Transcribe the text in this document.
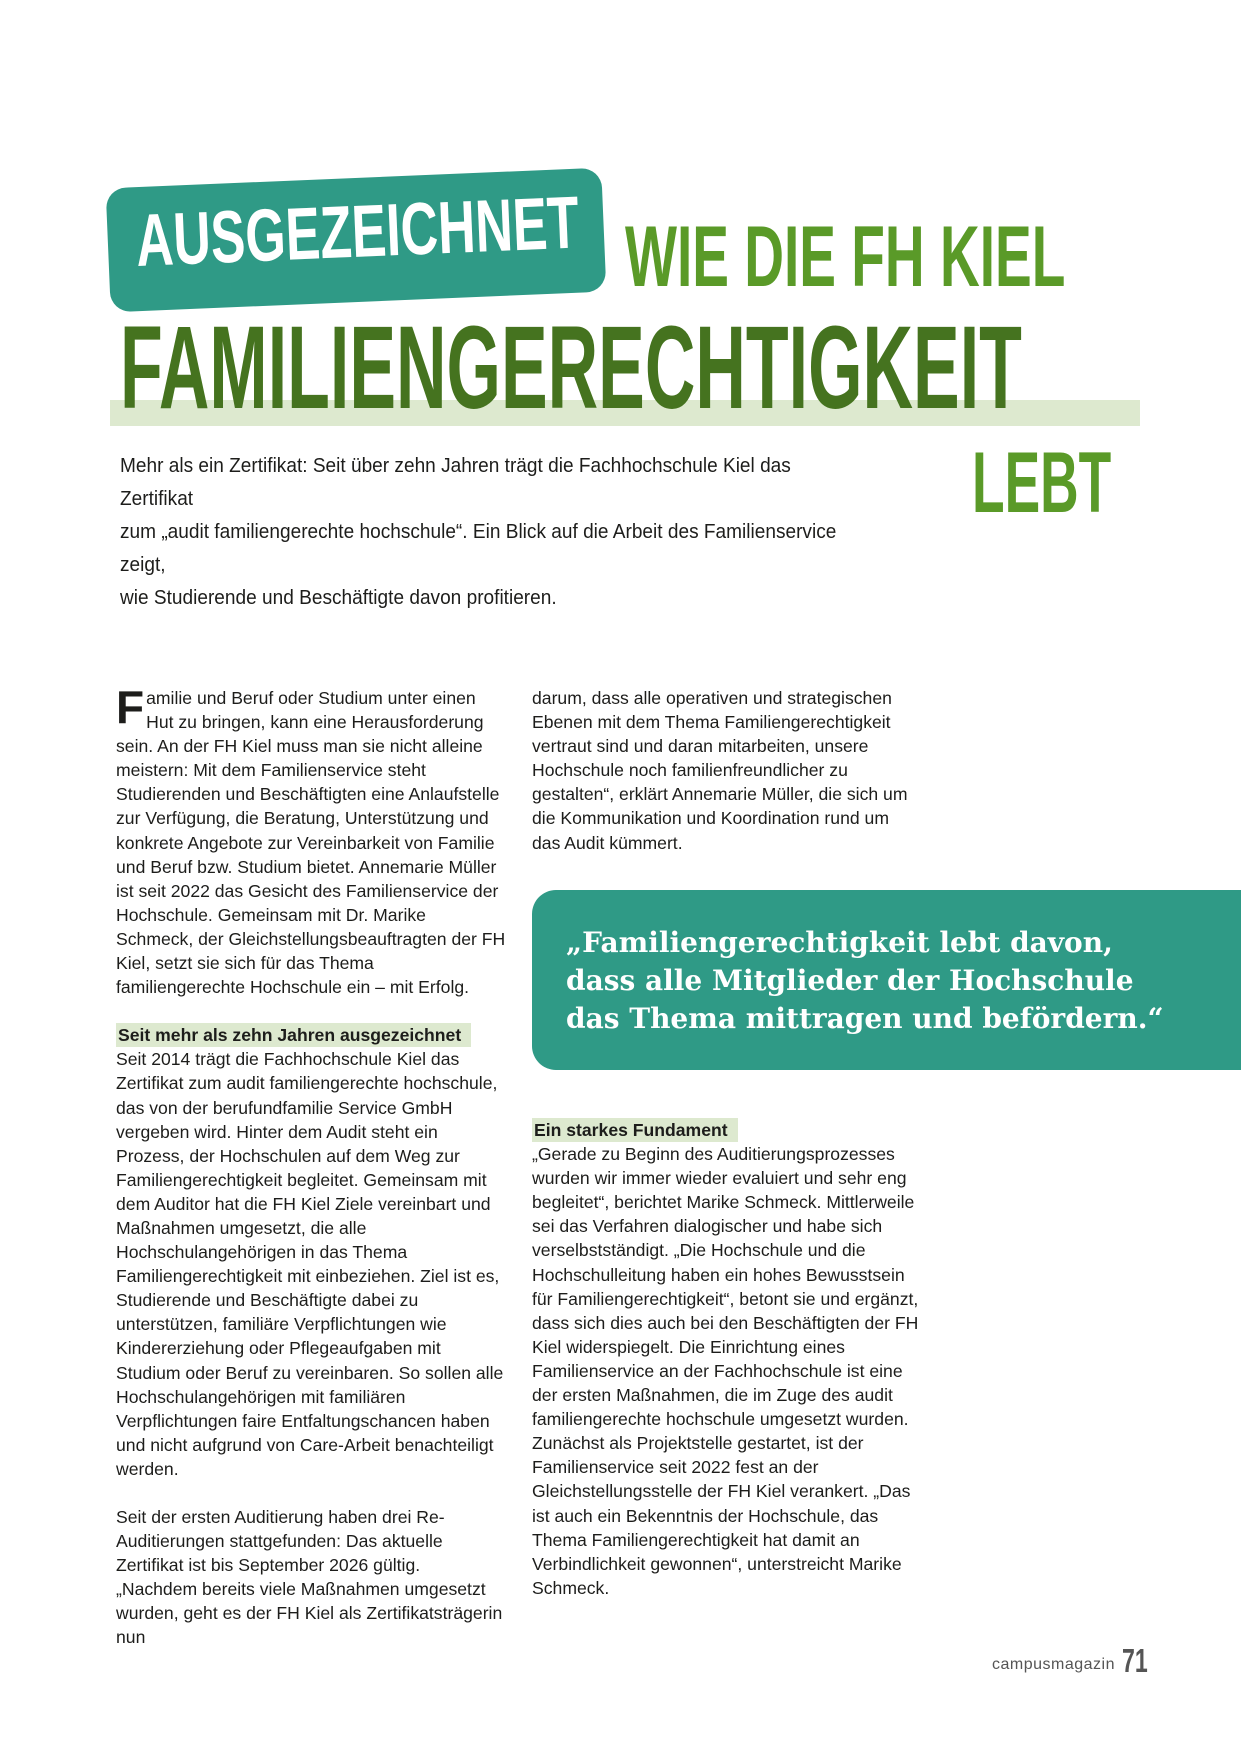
AUSGEZEICHNET WIE DIE FH KIEL
FAMILIENGERECHTIGKEIT
LEBT
Mehr als ein Zertifikat: Seit über zehn Jahren trägt die Fachhochschule Kiel das Zertifikat
zum „audit familiengerechte hochschule“. Ein Blick auf die Arbeit des Familienservice zeigt,
wie Studierende und Beschäftigte davon profitieren.

Familie und Beruf oder Studium unter einen Hut zu bringen, kann eine Herausforderung sein. An der FH Kiel muss man sie nicht alleine meistern: Mit dem Familienservice steht Studierenden und Beschäftigten eine Anlaufstelle zur Verfügung, die Beratung, Unterstützung und konkrete Angebote zur Vereinbarkeit von Familie und Beruf bzw. Studium bietet. Annemarie Müller ist seit 2022 das Gesicht des Familienservice der Hochschule. Gemeinsam mit Dr. Marike Schmeck, der Gleichstellungsbeauftragten der FH Kiel, setzt sie sich für das Thema familiengerechte Hochschule ein – mit Erfolg.

Seit mehr als zehn Jahren ausgezeichnet

Seit 2014 trägt die Fachhochschule Kiel das Zertifikat zum audit familiengerechte hochschule, das von der berufundfamilie Service GmbH vergeben wird. Hinter dem Audit steht ein Prozess, der Hochschulen auf dem Weg zur Familiengerechtigkeit begleitet. Gemeinsam mit dem Auditor hat die FH Kiel Ziele vereinbart und Maßnahmen umgesetzt, die alle Hochschulangehörigen in das Thema Familiengerechtigkeit mit einbeziehen. Ziel ist es, Studierende und Beschäftigte dabei zu unterstützen, familiäre Verpflichtungen wie Kindererziehung oder Pflegeaufgaben mit Studium oder Beruf zu vereinbaren. So sollen alle Hochschulangehörigen mit familiären Verpflichtungen faire Entfaltungschancen haben und nicht aufgrund von Care-Arbeit benachteiligt werden.

Seit der ersten Auditierung haben drei Re-Auditierungen stattgefunden: Das aktuelle Zertifikat ist bis September 2026 gültig. „Nachdem bereits viele Maßnahmen umgesetzt wurden, geht es der FH Kiel als Zertifikatsträgerin nun

darum, dass alle operativen und strategischen Ebenen mit dem Thema Familiengerechtigkeit vertraut sind und daran mitarbeiten, unsere Hochschule noch familienfreundlicher zu gestalten“, erklärt Annemarie Müller, die sich um die Kommunikation und Koordination rund um das Audit kümmert.

„Familiengerechtigkeit lebt davon, dass alle Mitglieder der Hochschule das Thema mittragen und befördern.“

Ein starkes Fundament

„Gerade zu Beginn des Auditierungsprozesses wurden wir immer wieder evaluiert und sehr eng begleitet“, berichtet Marike Schmeck. Mittlerweile sei das Verfahren dialogischer und habe sich verselbstständigt. „Die Hochschule und die Hochschulleitung haben ein hohes Bewusstsein für Familiengerechtigkeit“, betont sie und ergänzt, dass sich dies auch bei den Beschäftigten der FH Kiel widerspiegelt. Die Einrichtung eines Familienservice an der Fachhochschule ist eine der ersten Maßnahmen, die im Zuge des audit familiengerechte hochschule umgesetzt wurden. Zunächst als Projektstelle gestartet, ist der Familienservice seit 2022 fest an der Gleichstellungsstelle der FH Kiel verankert. „Das ist auch ein Bekenntnis der Hochschule, das Thema Familiengerechtigkeit hat damit an Verbindlichkeit gewonnen“, unterstreicht Marike Schmeck.

campusmagazin 71
